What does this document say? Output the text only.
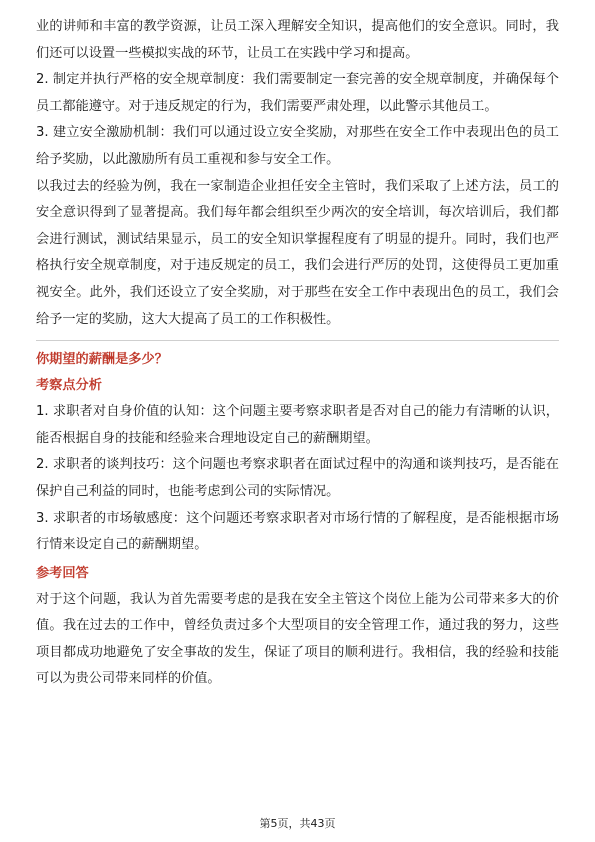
业的讲师和丰富的教学资源，让员工深入理解安全知识，提高他们的安全意识。同时，我们还可以设置一些模拟实战的环节，让员工在实践中学习和提高。

2. 制定并执行严格的安全规章制度：我们需要制定一套完善的安全规章制度，并确保每个员工都能遵守。对于违反规定的行为，我们需要严肃处理，以此警示其他员工。

3. 建立安全激励机制：我们可以通过设立安全奖励，对那些在安全工作中表现出色的员工给予奖励，以此激励所有员工重视和参与安全工作。

以我过去的经验为例，我在一家制造企业担任安全主管时，我们采取了上述方法，员工的安全意识得到了显著提高。我们每年都会组织至少两次的安全培训，每次培训后，我们都会进行测试，测试结果显示，员工的安全知识掌握程度有了明显的提升。同时，我们也严格执行安全规章制度，对于违反规定的员工，我们会进行严厉的处罚，这使得员工更加重视安全。此外，我们还设立了安全奖励，对于那些在安全工作中表现出色的员工，我们会给予一定的奖励，这大大提高了员工的工作积极性。

你期望的薪酬是多少？

考察点分析

1. 求职者对自身价值的认知：这个问题主要考察求职者是否对自己的能力有清晰的认识，能否根据自身的技能和经验来合理地设定自己的薪酬期望。

2. 求职者的谈判技巧：这个问题也考察求职者在面试过程中的沟通和谈判技巧，是否能在保护自己利益的同时，也能考虑到公司的实际情况。

3. 求职者的市场敏感度：这个问题还考察求职者对市场行情的了解程度，是否能根据市场行情来设定自己的薪酬期望。

参考回答

对于这个问题，我认为首先需要考虑的是我在安全主管这个岗位上能为公司带来多大的价值。我在过去的工作中，曾经负责过多个大型项目的安全管理工作，通过我的努力，这些项目都成功地避免了安全事故的发生，保证了项目的顺利进行。我相信，我的经验和技能可以为贵公司带来同样的价值。

第5页，共43页
